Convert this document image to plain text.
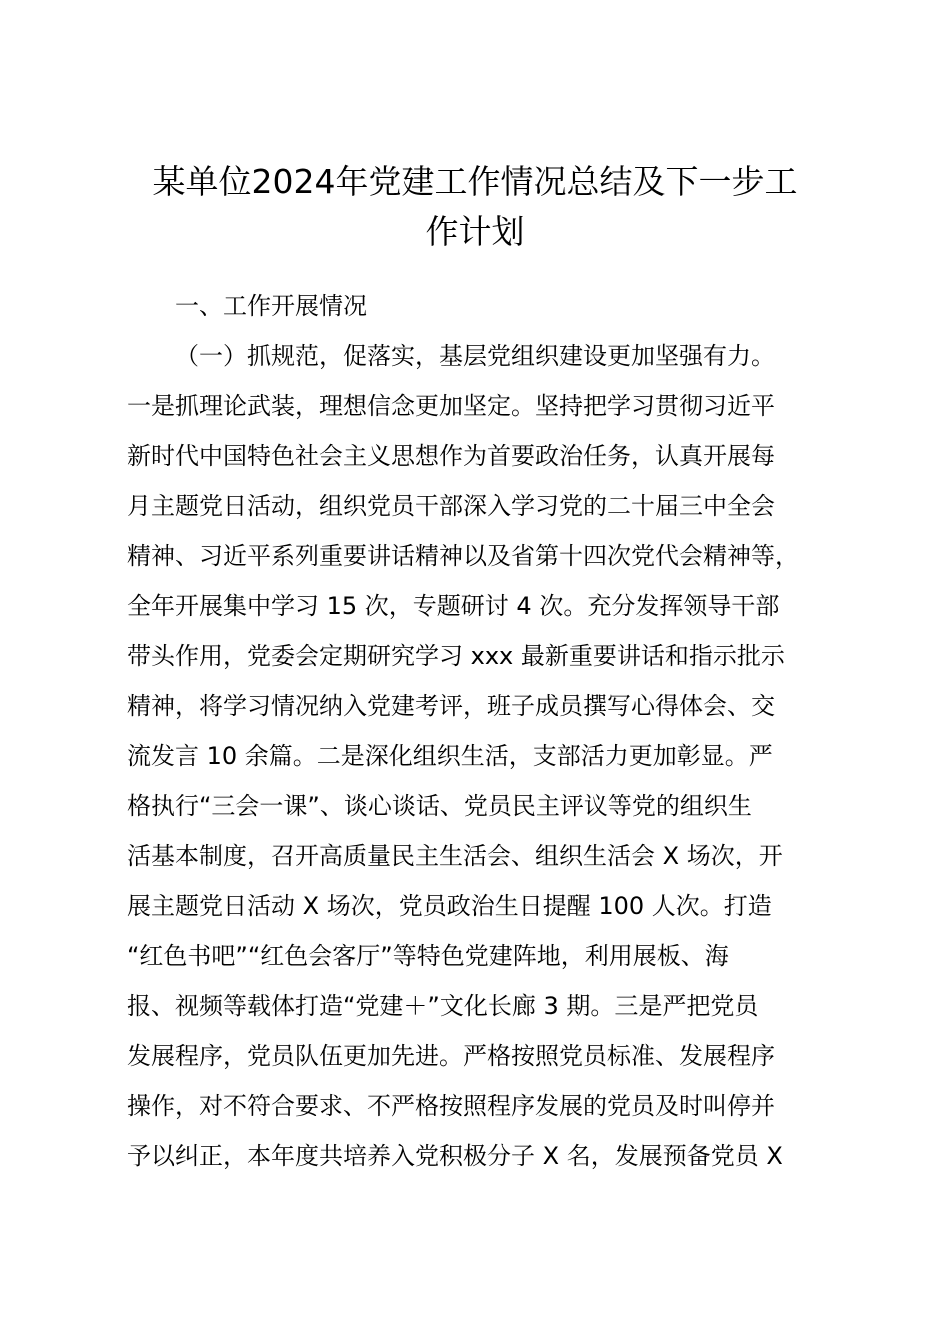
某单位2024年党建工作情况总结及下一步工
作计划
一、工作开展情况
（一）抓规范，促落实，基层党组织建设更加坚强有力。
一是抓理论武装，理想信念更加坚定。坚持把学习贯彻习近平
新时代中国特色社会主义思想作为首要政治任务，认真开展每
月主题党日活动，组织党员干部深入学习党的二十届三中全会
精神、习近平系列重要讲话精神以及省第十四次党代会精神等，
全年开展集中学习 15 次，专题研讨 4 次。充分发挥领导干部
带头作用，党委会定期研究学习 xxx 最新重要讲话和指示批示
精神，将学习情况纳入党建考评，班子成员撰写心得体会、交
流发言 10 余篇。二是深化组织生活，支部活力更加彰显。严
格执行“三会一课”、谈心谈话、党员民主评议等党的组织生
活基本制度，召开高质量民主生活会、组织生活会 X 场次，开
展主题党日活动 X 场次，党员政治生日提醒 100 人次。打造
“红色书吧”“红色会客厅”等特色党建阵地，利用展板、海
报、视频等载体打造“党建＋”文化长廊 3 期。三是严把党员
发展程序，党员队伍更加先进。严格按照党员标准、发展程序
操作，对不符合要求、不严格按照程序发展的党员及时叫停并
予以纠正，本年度共培养入党积极分子 X 名，发展预备党员 X
